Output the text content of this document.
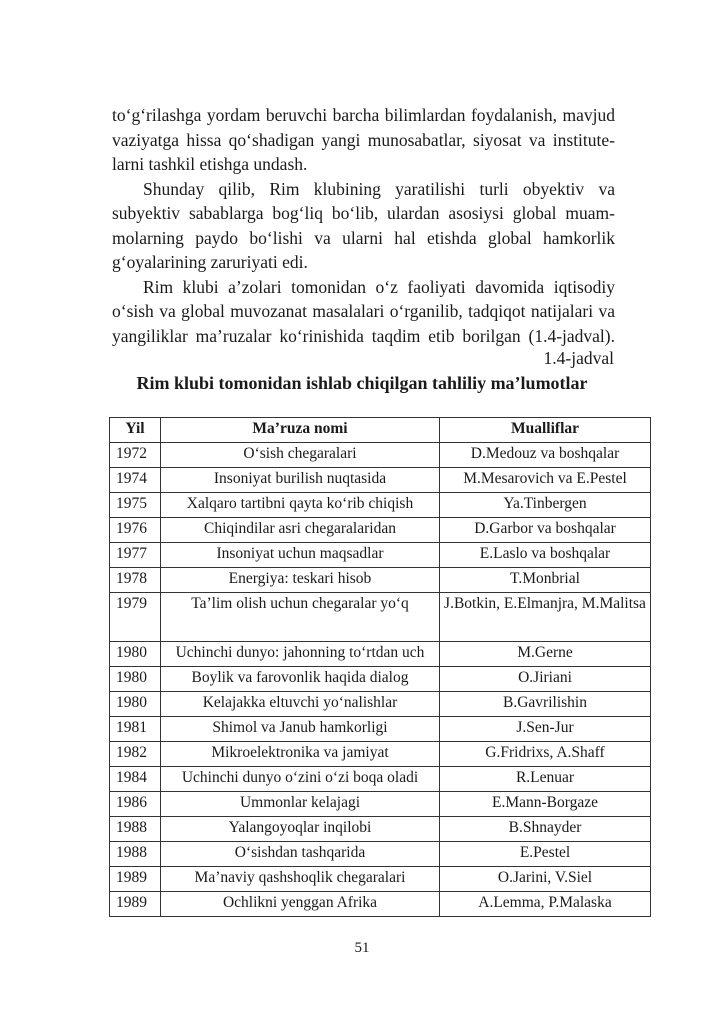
to‘g‘rilashga yordam beruvchi barcha bilimlardan foydalanish, mavjud
vaziyatga hissa qo‘shadigan yangi munosabatlar, siyosat va institute-
larni tashkil etishga undash.
Shunday qilib, Rim klubining yaratilishi turli obyektiv va
subyektiv sabablarga bog‘liq bo‘lib, ulardan asosiysi global muam-
molarning paydo bo‘lishi va ularni hal etishda global hamkorlik
g‘oyalarining zaruriyati edi.
Rim klubi a’zolari tomonidan o‘z faoliyati davomida iqtisodiy
o‘sish va global muvozanat masalalari o‘rganilib, tadqiqot natijalari va
yangiliklar ma’ruzalar ko‘rinishida taqdim etib borilgan (1.4-jadval).
1.4-jadval
Rim klubi tomonidan ishlab chiqilgan tahliliy ma’lumotlar
Yil	Ma’ruza nomi	Mualliflar
1972	O‘sish chegaralari	D.Medouz va boshqalar
1974	Insoniyat burilish nuqtasida	M.Mesarovich va E.Pestel
1975	Xalqaro tartibni qayta ko‘rib chiqish	Ya.Tinbergen
1976	Chiqindilar asri chegaralaridan	D.Garbor va boshqalar
1977	Insoniyat uchun maqsadlar	E.Laslo va boshqalar
1978	Energiya: teskari hisob	T.Monbrial
1979	Ta’lim olish uchun chegaralar yo‘q	J.Botkin, E.Elmanjra, M.Malitsa
1980	Uchinchi dunyo: jahonning to‘rtdan uch	M.Gerne
1980	Boylik va farovonlik haqida dialog	O.Jiriani
1980	Kelajakka eltuvchi yo‘nalishlar	B.Gavrilishin
1981	Shimol va Janub hamkorligi	J.Sen-Jur
1982	Mikroelektronika va jamiyat	G.Fridrixs, A.Shaff
1984	Uchinchi dunyo o‘zini o‘zi boqa oladi	R.Lenuar
1986	Ummonlar kelajagi	E.Mann-Borgaze
1988	Yalangoyoqlar inqilobi	B.Shnayder
1988	O‘sishdan tashqarida	E.Pestel
1989	Ma’naviy qashshoqlik chegaralari	O.Jarini, V.Siel
1989	Ochlikni yenggan Afrika	A.Lemma, P.Malaska
51
